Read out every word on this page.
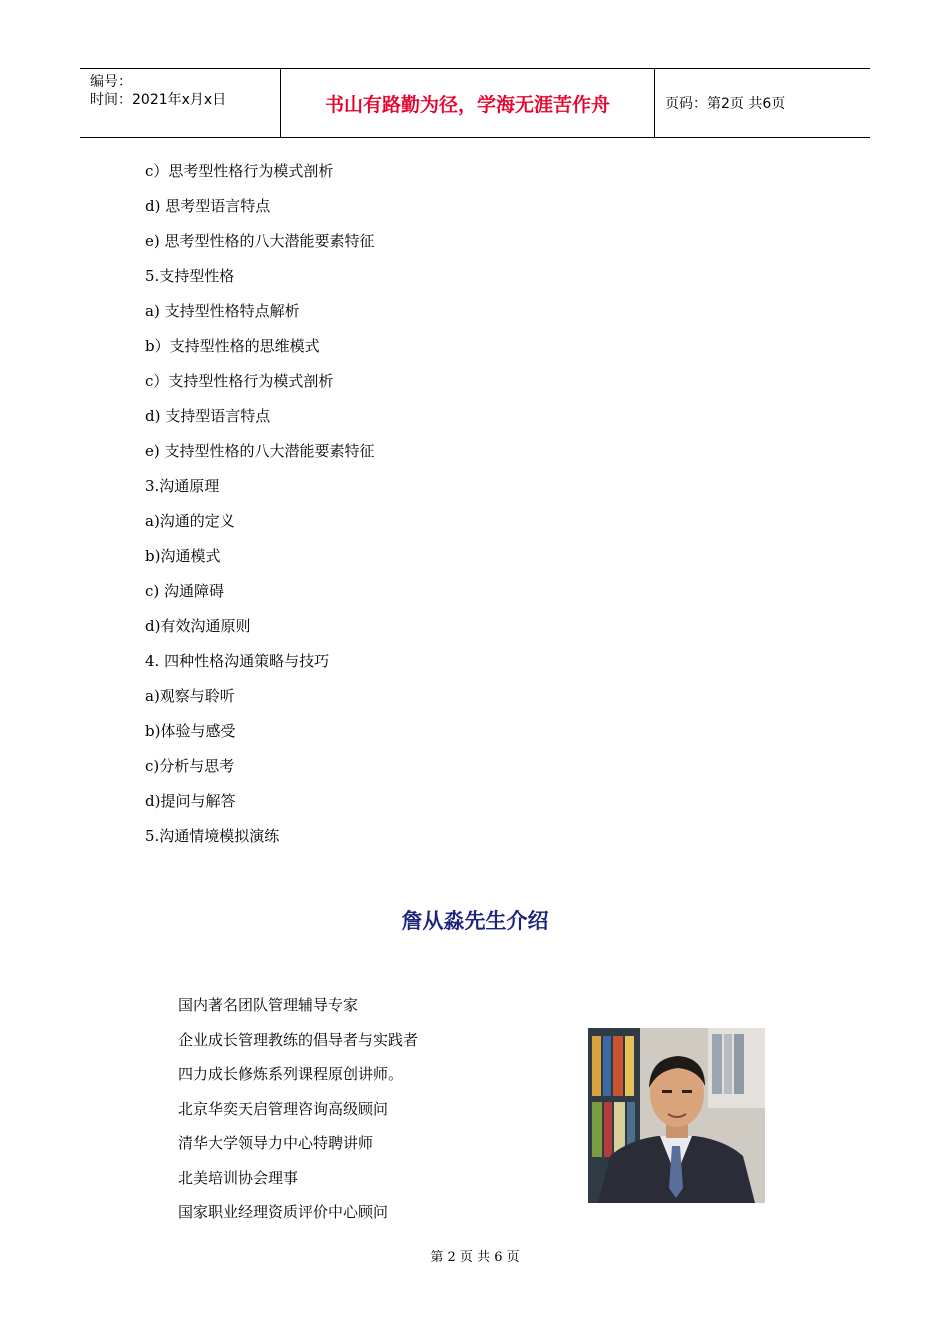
编号：
时间：2021年x月x日	书山有路勤为径，学海无涯苦作舟	页码：第2页 共6页
c）思考型性格行为模式剖析
d) 思考型语言特点
e) 思考型性格的八大潜能要素特征
5.支持型性格
a) 支持型性格特点解析
b）支持型性格的思维模式
c）支持型性格行为模式剖析
d) 支持型语言特点
e) 支持型性格的八大潜能要素特征
3.沟通原理
a)沟通的定义
b)沟通模式
c) 沟通障碍
d)有效沟通原则
4. 四种性格沟通策略与技巧
a)观察与聆听
b)体验与感受
c)分析与思考
d)提问与解答
5.沟通情境模拟演练
詹从淼先生介绍
国内著名团队管理辅导专家
企业成长管理教练的倡导者与实践者
四力成长修炼系列课程原创讲师。
北京华奕天启管理咨询高级顾问
清华大学领导力中心特聘讲师
北美培训协会理事
国家职业经理资质评价中心顾问
第 2 页 共 6 页
